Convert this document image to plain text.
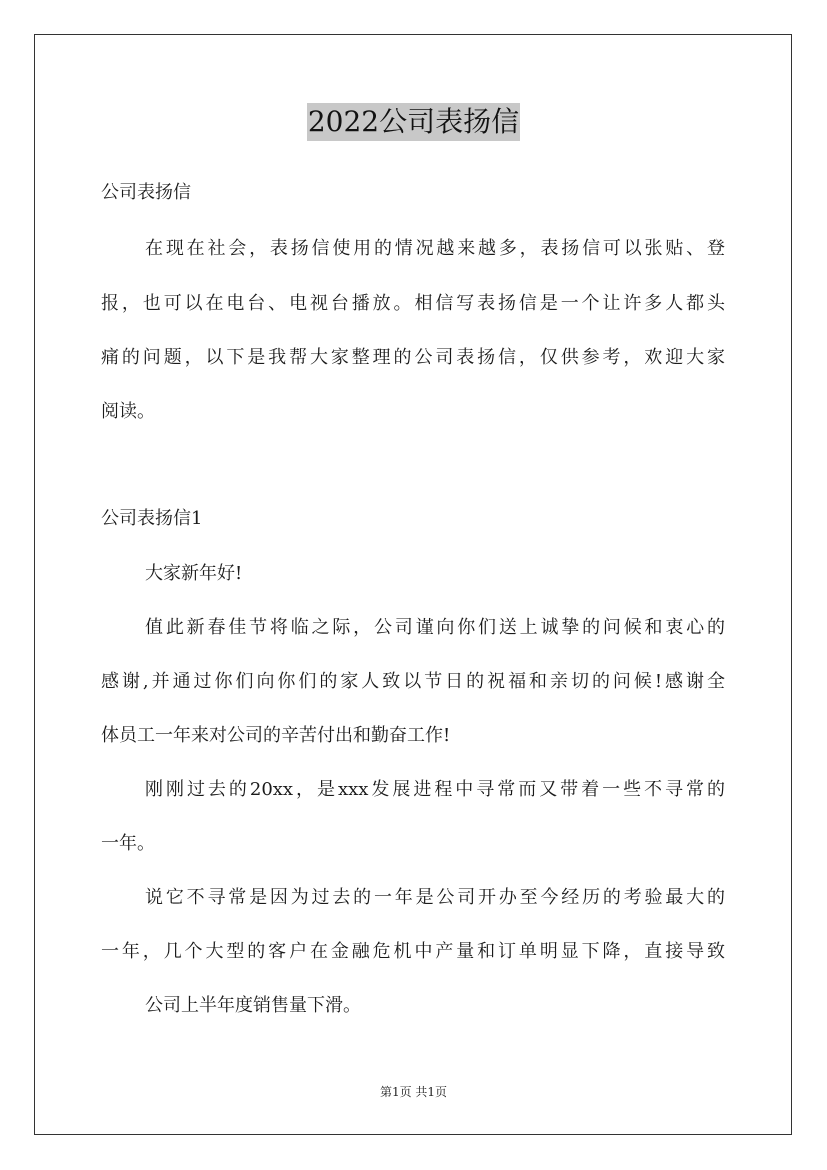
2022公司表扬信
公司表扬信
在现在社会，表扬信使用的情况越来越多，表扬信可以张贴、登
报，也可以在电台、电视台播放。相信写表扬信是一个让许多人都头
痛的问题，以下是我帮大家整理的公司表扬信，仅供参考，欢迎大家
阅读。
公司表扬信1
大家新年好!
值此新春佳节将临之际，公司谨向你们送上诚挚的问候和衷心的
感谢,并通过你们向你们的家人致以节日的祝福和亲切的问候!感谢全
体员工一年来对公司的辛苦付出和勤奋工作!
刚刚过去的20xx，是xxx发展进程中寻常而又带着一些不寻常的
一年。
说它不寻常是因为过去的一年是公司开办至今经历的考验最大的
一年，几个大型的客户在金融危机中产量和订单明显下降，直接导致
公司上半年度销售量下滑。
第1页 共1页
